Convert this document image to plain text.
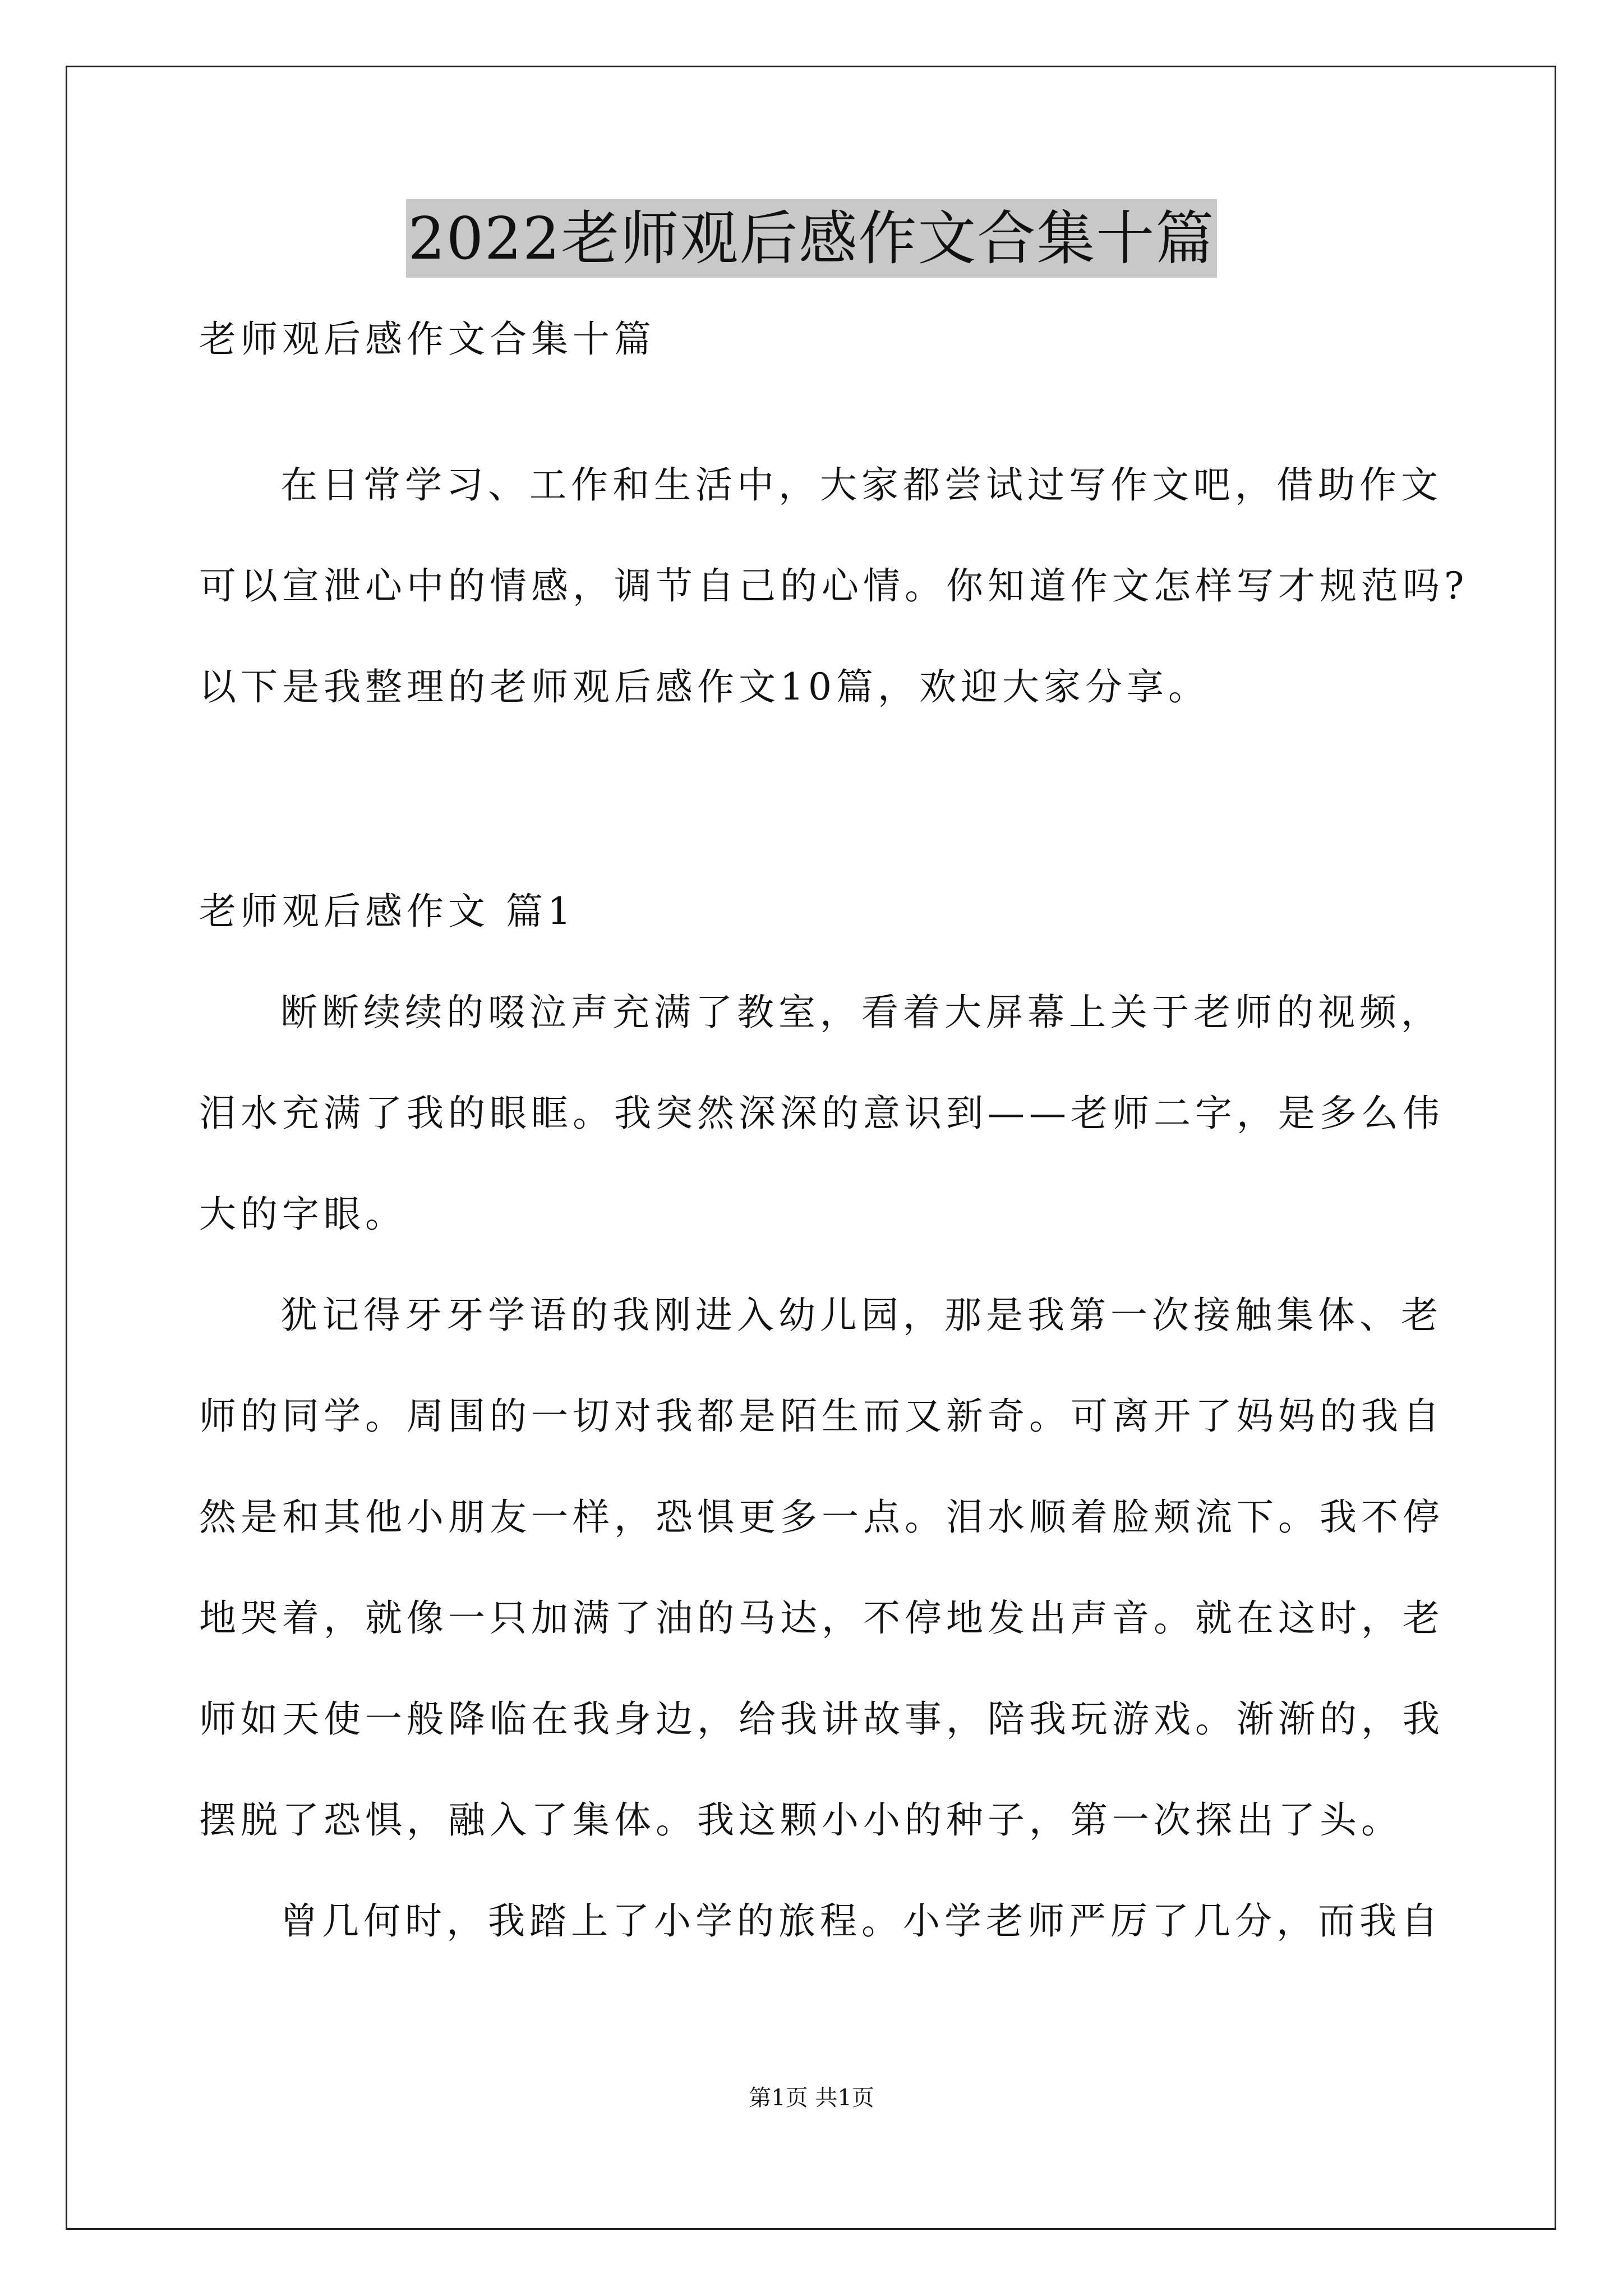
2022老师观后感作文合集十篇
老师观后感作文合集十篇
在日常学习、工作和生活中，大家都尝试过写作文吧，借助作文
可以宣泄心中的情感，调节自己的心情。你知道作文怎样写才规范吗?
以下是我整理的老师观后感作文10篇，欢迎大家分享。
老师观后感作文 篇1
断断续续的啜泣声充满了教室，看着大屏幕上关于老师的视频，
泪水充满了我的眼眶。我突然深深的意识到——老师二字，是多么伟
大的字眼。
犹记得牙牙学语的我刚进入幼儿园，那是我第一次接触集体、老
师的同学。周围的一切对我都是陌生而又新奇。可离开了妈妈的我自
然是和其他小朋友一样，恐惧更多一点。泪水顺着脸颊流下。我不停
地哭着，就像一只加满了油的马达，不停地发出声音。就在这时，老
师如天使一般降临在我身边，给我讲故事，陪我玩游戏。渐渐的，我
摆脱了恐惧，融入了集体。我这颗小小的种子，第一次探出了头。
曾几何时，我踏上了小学的旅程。小学老师严厉了几分，而我自
第1页 共1页
